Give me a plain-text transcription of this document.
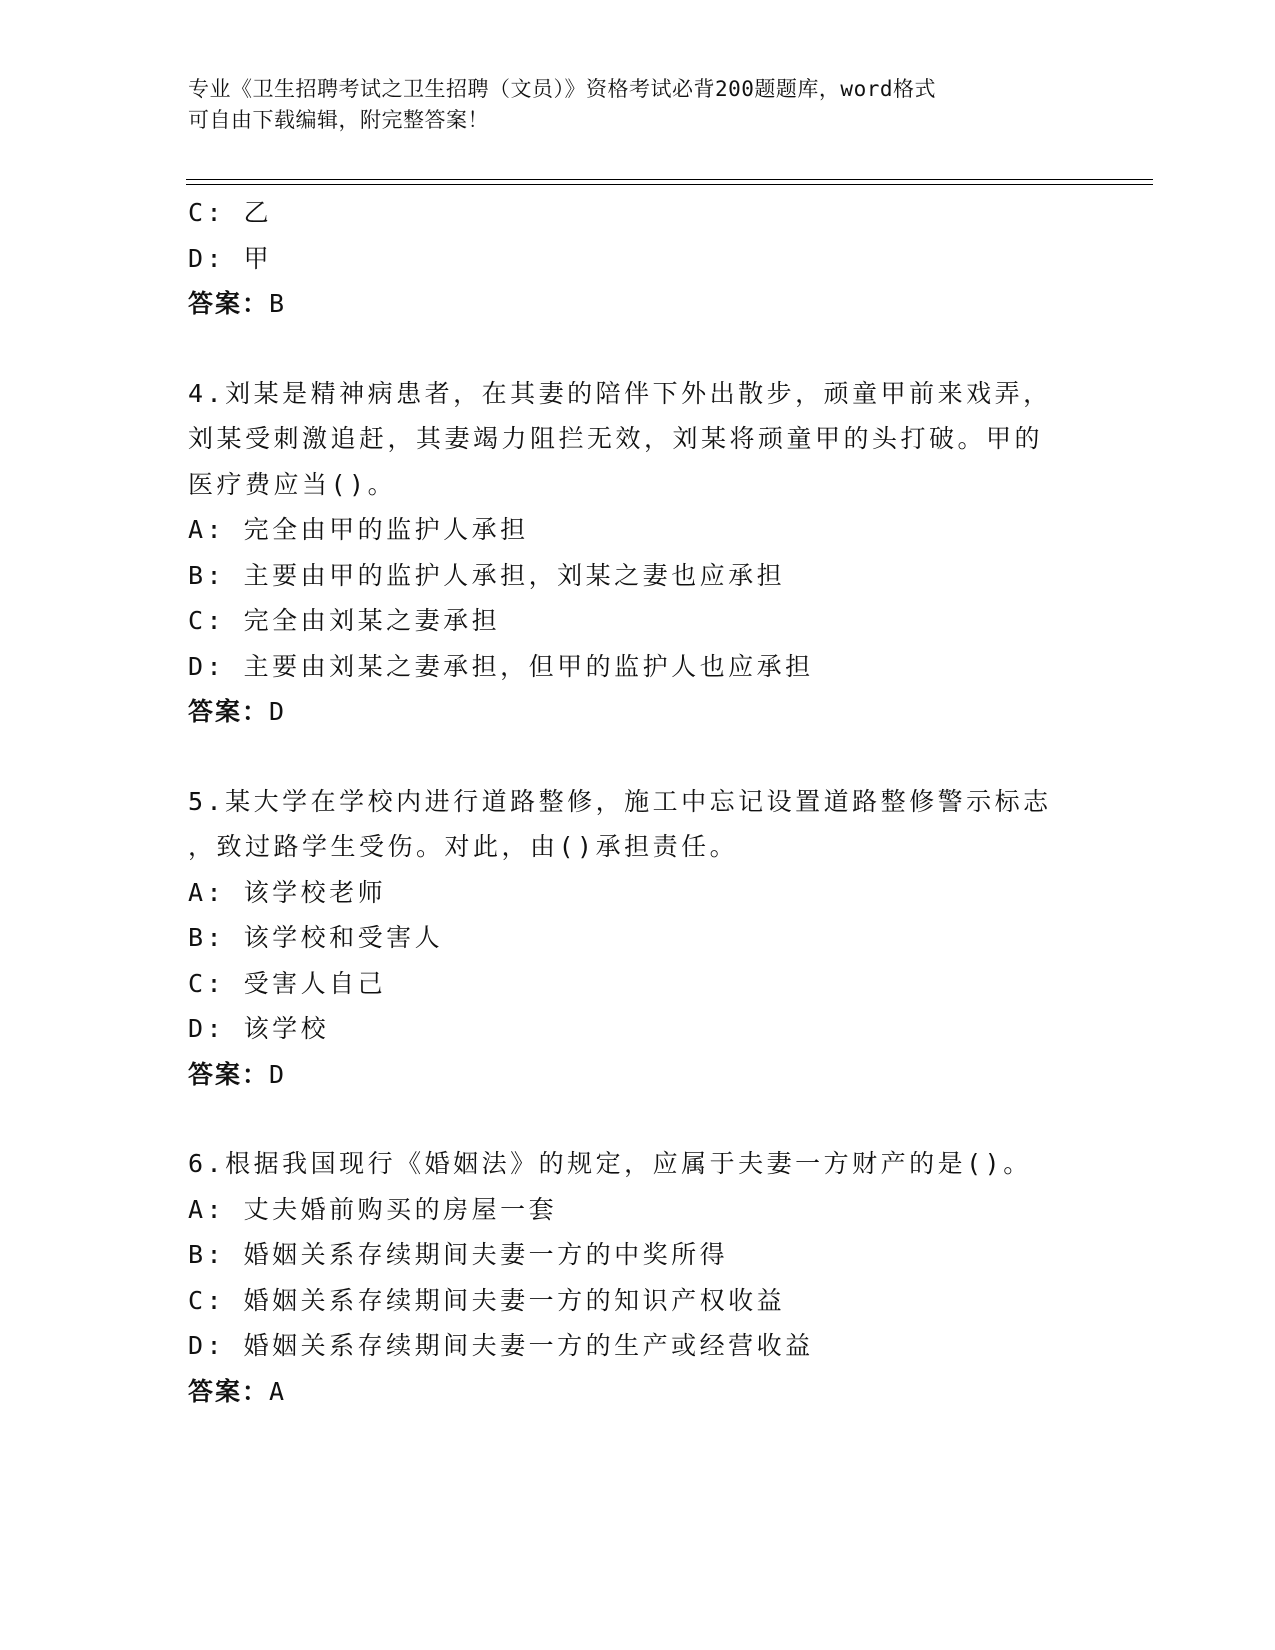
专业《卫生招聘考试之卫生招聘（文员）》资格考试必背200题题库，word格式
可自由下载编辑，附完整答案！
C: 乙
D: 甲
答案：B
4.刘某是精神病患者，在其妻的陪伴下外出散步，顽童甲前来戏弄，
刘某受刺激追赶，其妻竭力阻拦无效，刘某将顽童甲的头打破。甲的
医疗费应当()。
A: 完全由甲的监护人承担
B: 主要由甲的监护人承担，刘某之妻也应承担
C: 完全由刘某之妻承担
D: 主要由刘某之妻承担，但甲的监护人也应承担
答案：D
5.某大学在学校内进行道路整修，施工中忘记设置道路整修警示标志
，致过路学生受伤。对此，由()承担责任。
A: 该学校老师
B: 该学校和受害人
C: 受害人自己
D: 该学校
答案：D
6.根据我国现行《婚姻法》的规定，应属于夫妻一方财产的是()。
A: 丈夫婚前购买的房屋一套
B: 婚姻关系存续期间夫妻一方的中奖所得
C: 婚姻关系存续期间夫妻一方的知识产权收益
D: 婚姻关系存续期间夫妻一方的生产或经营收益
答案：A
